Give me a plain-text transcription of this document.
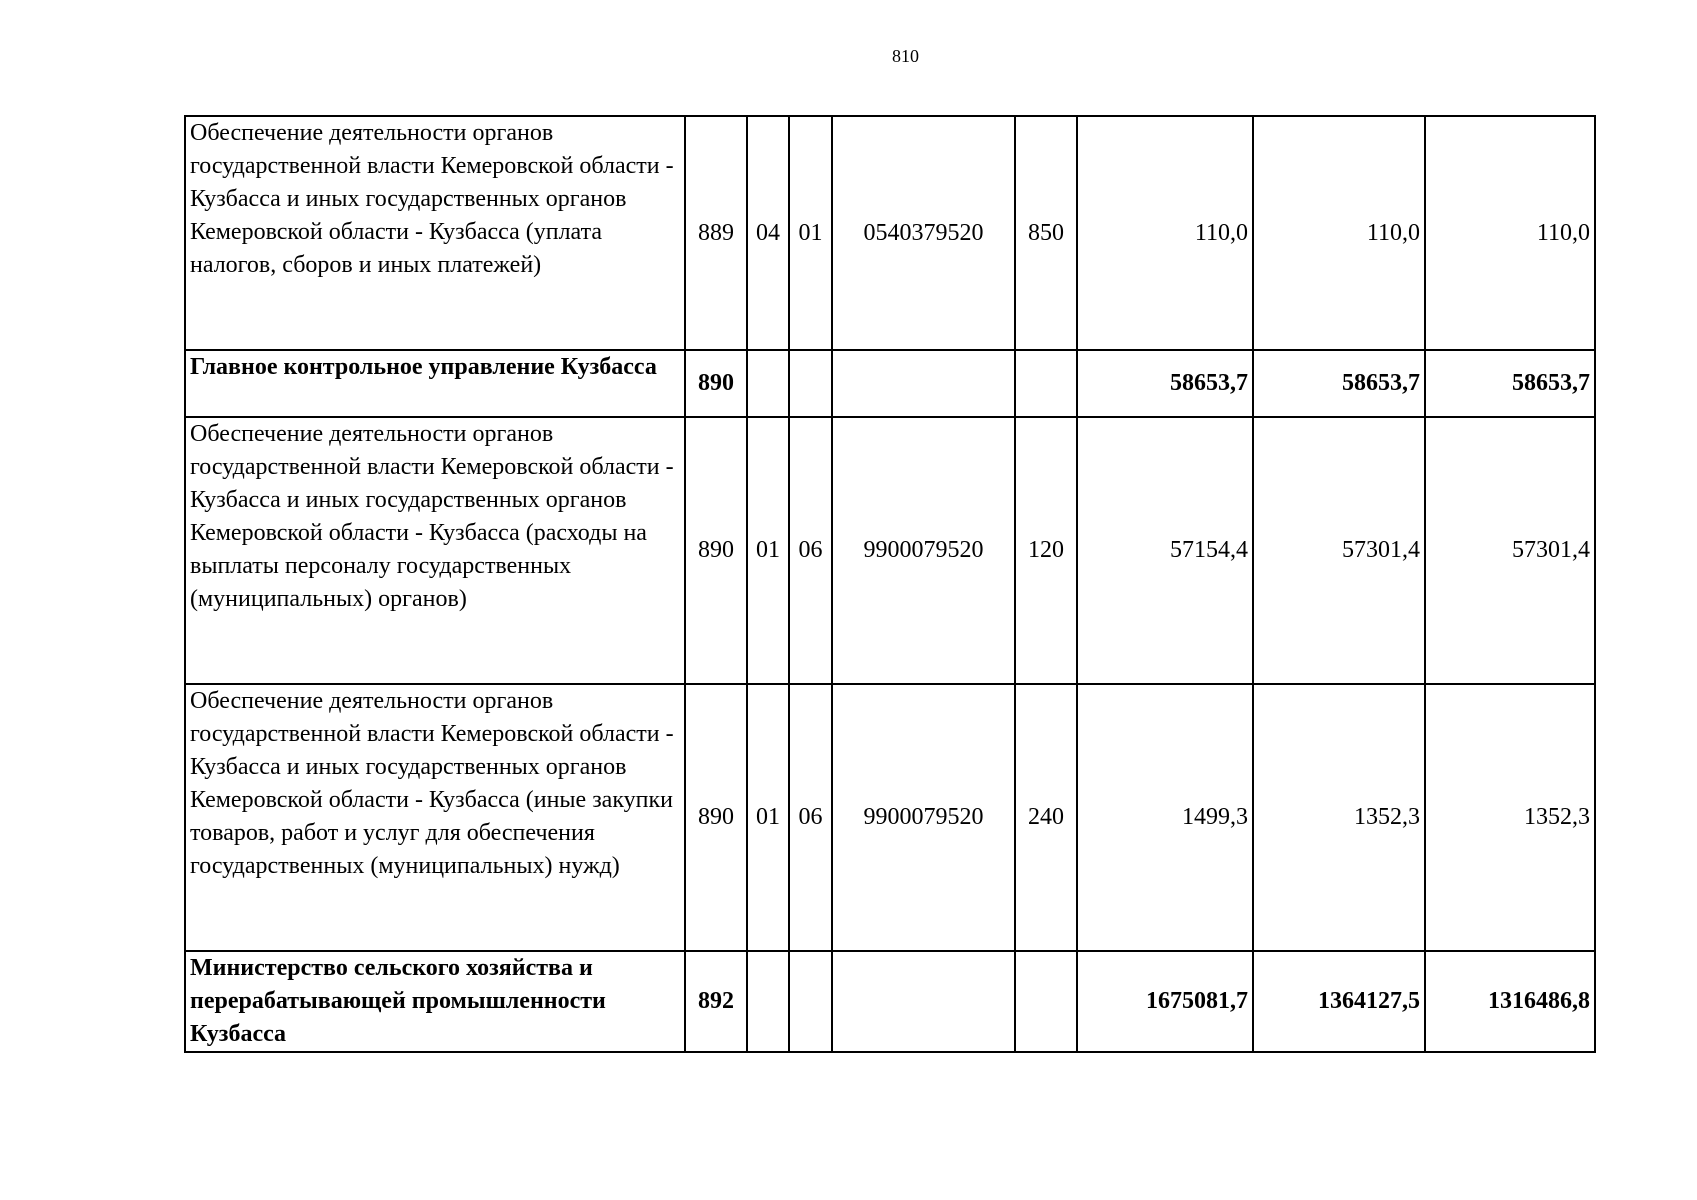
810
Обеспечение деятельности органов государственной власти Кемеровской области - Кузбасса и иных государственных органов Кемеровской области - Кузбасса (уплата налогов, сборов и иных платежей)	889	04	01	0540379520	850	110,0	110,0	110,0
Главное контрольное управление Кузбасса	890					58653,7	58653,7	58653,7
Обеспечение деятельности органов государственной власти Кемеровской области - Кузбасса и иных государственных органов Кемеровской области - Кузбасса (расходы на выплаты персоналу государственных (муниципальных) органов)	890	01	06	9900079520	120	57154,4	57301,4	57301,4
Обеспечение деятельности органов государственной власти Кемеровской области - Кузбасса и иных государственных органов Кемеровской области - Кузбасса (иные закупки товаров, работ и услуг для обеспечения государственных (муниципальных) нужд)	890	01	06	9900079520	240	1499,3	1352,3	1352,3
Министерство сельского хозяйства и перерабатывающей промышленности Кузбасса	892					1675081,7	1364127,5	1316486,8
